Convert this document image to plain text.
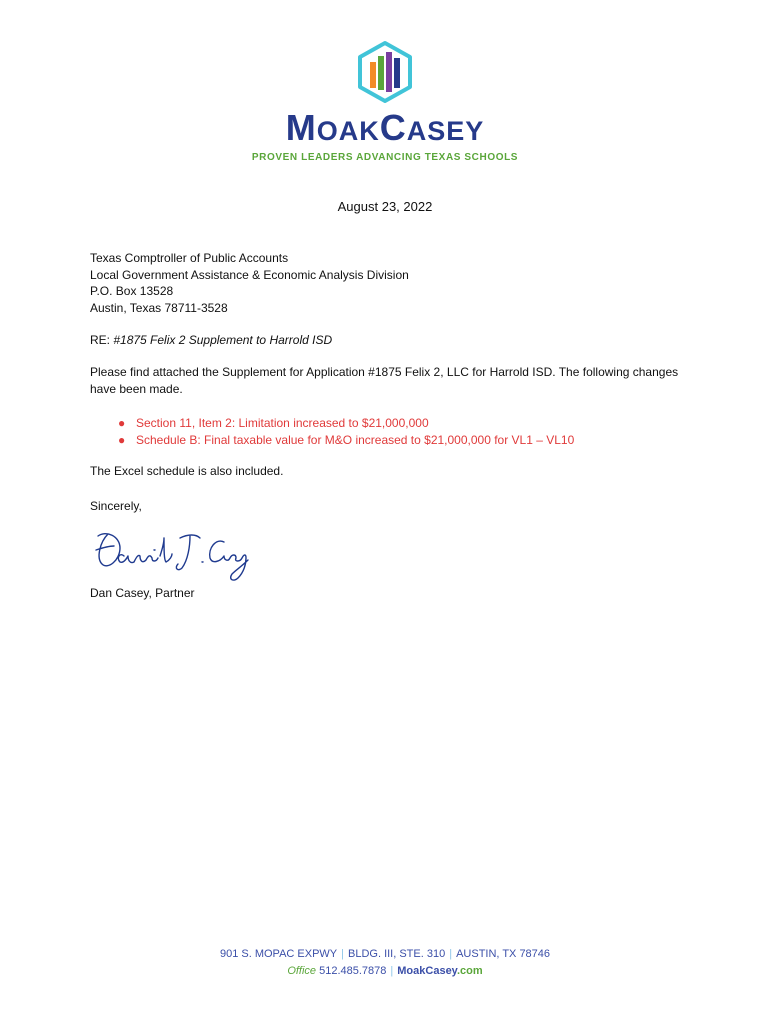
MOAKCASEY
PROVEN LEADERS ADVANCING TEXAS SCHOOLS
August 23, 2022
Texas Comptroller of Public Accounts
Local Government Assistance & Economic Analysis Division
P.O. Box 13528
Austin, Texas 78711-3528
RE: #1875 Felix 2 Supplement to Harrold ISD
Please find attached the Supplement for Application #1875 Felix 2, LLC for Harrold ISD. The following changes have been made.
● Section 11, Item 2: Limitation increased to $21,000,000
● Schedule B: Final taxable value for M&O increased to $21,000,000 for VL1 – VL10
The Excel schedule is also included.
Sincerely,
Dan Casey, Partner
901 S. MOPAC EXPWY | BLDG. III, STE. 310 | AUSTIN, TX 78746
Office 512.485.7878 | MoakCasey.com
